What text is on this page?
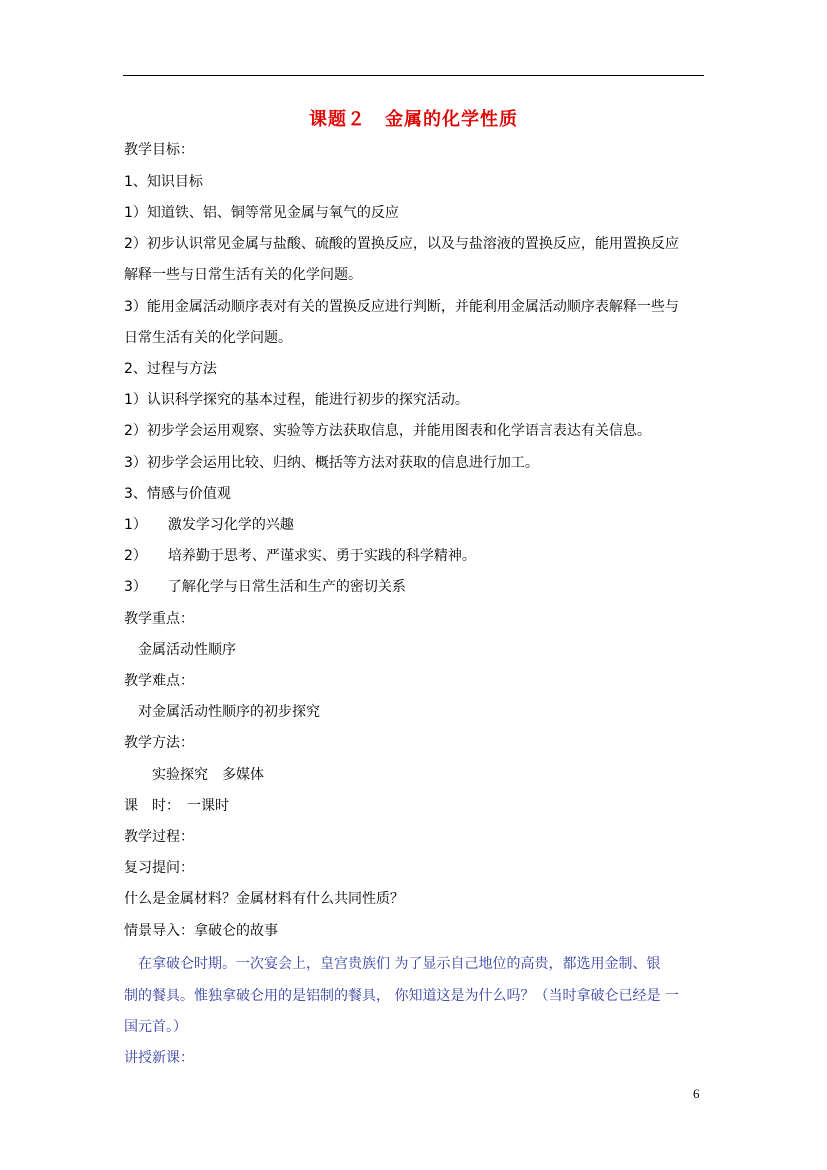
课题２　金属的化学性质
教学目标：
1、知识目标
1）知道铁、铝、铜等常见金属与氧气的反应
2）初步认识常见金属与盐酸、硫酸的置换反应，以及与盐溶液的置换反应，能用置换反应
解释一些与日常生活有关的化学问题。
3）能用金属活动顺序表对有关的置换反应进行判断，并能利用金属活动顺序表解释一些与
日常生活有关的化学问题。
2、过程与方法
1）认识科学探究的基本过程，能进行初步的探究活动。
2）初步学会运用观察、实验等方法获取信息，并能用图表和化学语言表达有关信息。
3）初步学会运用比较、归纳、概括等方法对获取的信息进行加工。
3、情感与价值观
1）　　激发学习化学的兴趣
2）　　培养勤于思考、严谨求实、勇于实践的科学精神。
3）　　了解化学与日常生活和生产的密切关系
教学重点：
　金属活动性顺序
教学难点：
　对金属活动性顺序的初步探究
教学方法：
　　实验探究　多媒体
课　时：　一课时
教学过程：
复习提问：
什么是金属材料？金属材料有什么共同性质？
情景导入：拿破仑的故事
　在拿破仑时期。一次宴会上，皇宫贵族们 为了显示自己地位的高贵，都选用金制、银
制的餐具。惟独拿破仑用的是铝制的餐具， 你知道这是为什么吗？（当时拿破仑已经是 一
国元首。）
讲授新课：
6
